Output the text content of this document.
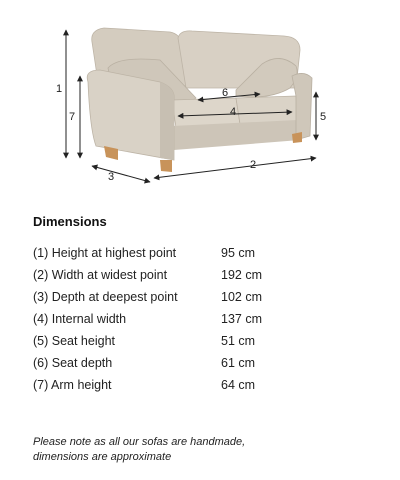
1
7	5
2
3
4
6
Dimensions
(1) Height at highest point	95 cm
(2) Width at widest point	192 cm
(3) Depth at deepest point	102 cm
(4) Internal width	137 cm
(5) Seat height	51 cm
(6) Seat depth	61 cm
(7) Arm height	64 cm
Please note as all our sofas are handmade,
dimensions are approximate
